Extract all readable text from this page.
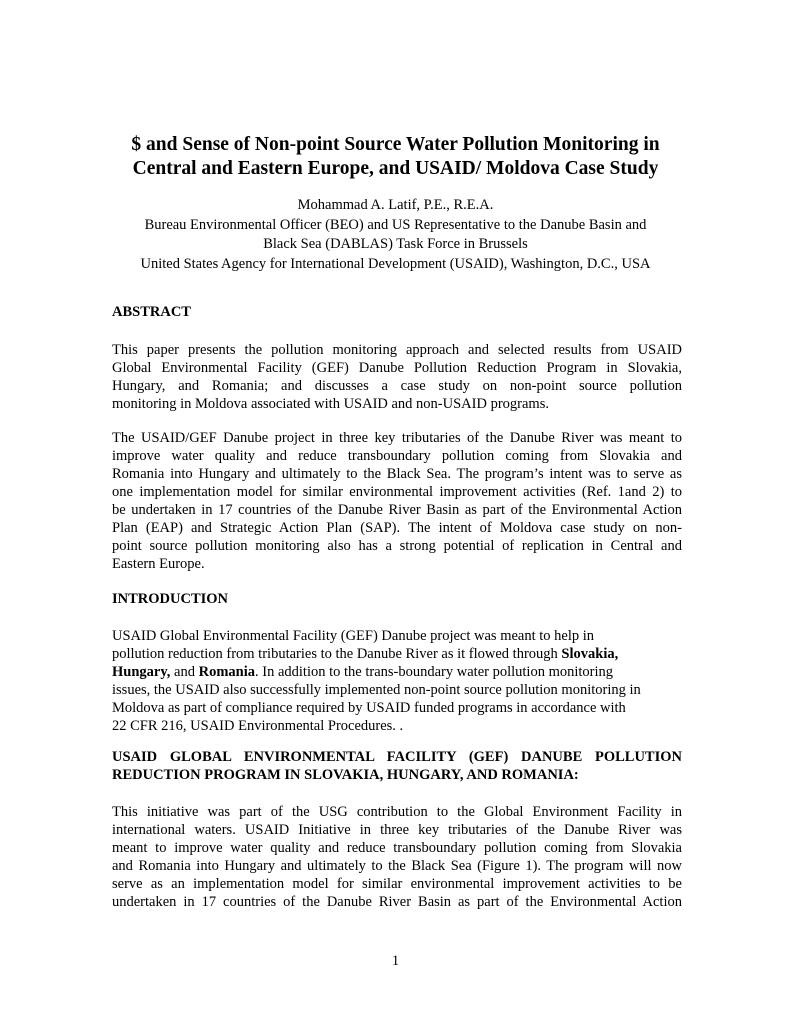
$ and Sense of Non-point Source Water Pollution Monitoring in
Central and Eastern Europe, and USAID/ Moldova Case Study
Mohammad A. Latif, P.E., R.E.A.
Bureau Environmental Officer (BEO) and US Representative to the Danube Basin and
Black Sea (DABLAS) Task Force in Brussels
United States Agency for International Development (USAID), Washington, D.C., USA
ABSTRACT
This paper presents the pollution monitoring approach and selected results from USAID
Global Environmental Facility (GEF) Danube Pollution Reduction Program in Slovakia,
Hungary, and Romania; and discusses a case study on non-point source pollution
monitoring in Moldova associated with USAID and non-USAID programs.
The USAID/GEF Danube project in three key tributaries of the Danube River was meant to
improve water quality and reduce transboundary pollution coming from Slovakia and
Romania into Hungary and ultimately to the Black Sea. The program’s intent was to serve as
one implementation model for similar environmental improvement activities (Ref. 1and 2) to
be undertaken in 17 countries of the Danube River Basin as part of the Environmental Action
Plan (EAP) and Strategic Action Plan (SAP). The intent of Moldova case study on non-
point source pollution monitoring also has a strong potential of replication in Central and
Eastern Europe.
INTRODUCTION
USAID Global Environmental Facility (GEF) Danube project was meant to help in
pollution reduction from tributaries to the Danube River as it flowed through Slovakia,
Hungary, and Romania. In addition to the trans-boundary water pollution monitoring
issues, the USAID also successfully implemented non-point source pollution monitoring in
Moldova as part of compliance required by USAID funded programs in accordance with
22 CFR 216, USAID Environmental Procedures. .
USAID GLOBAL ENVIRONMENTAL FACILITY (GEF) DANUBE POLLUTION
REDUCTION PROGRAM IN SLOVAKIA, HUNGARY, AND ROMANIA:
This initiative was part of the USG contribution to the Global Environment Facility in
international waters. USAID Initiative in three key tributaries of the Danube River was
meant to improve water quality and reduce transboundary pollution coming from Slovakia
and Romania into Hungary and ultimately to the Black Sea (Figure 1). The program will now
serve as an implementation model for similar environmental improvement activities to be
undertaken in 17 countries of the Danube River Basin as part of the Environmental Action
1
